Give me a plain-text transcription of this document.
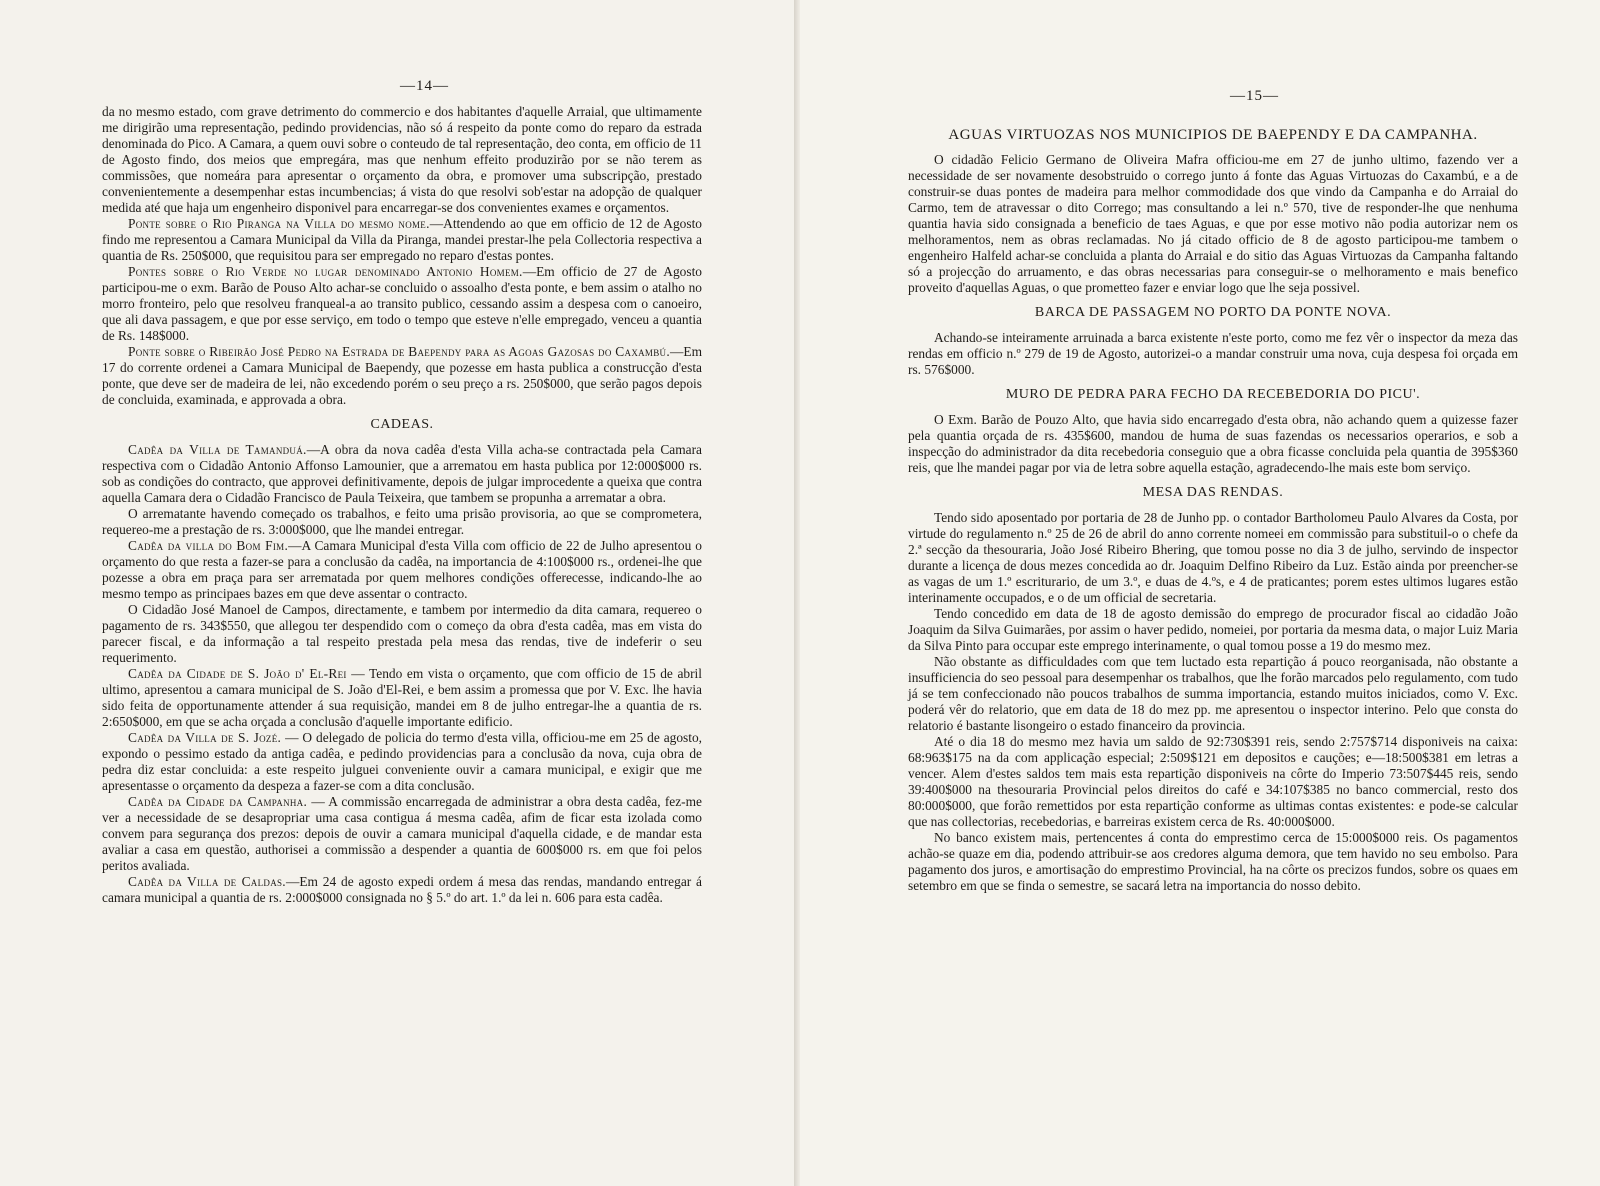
—14—

da no mesmo estado, com grave detrimento do commercio e dos habitantes d'aquelle Arraial, que ultimamente me dirigirão uma representação, pedindo providencias, não só á respeito da ponte como do reparo da estrada denominada do Pico. A Camara, a quem ouvi sobre o conteudo de tal representação, deo conta, em officio de 11 de Agosto findo, dos meios que empregára, mas que nenhum effeito produzirão por se não terem as commissões, que nomeára para apresentar o orçamento da obra, e promover uma subscripção, prestado convenientemente a desempenhar estas incumbencias; á vista do que resolvi sob'estar na adopção de qualquer medida até que haja um engenheiro disponivel para encarregar-se dos convenientes exames e orçamentos.

Ponte sobre o Rio Piranga na Villa do mesmo nome.—Attendendo ao que em officio de 12 de Agosto findo me representou a Camara Municipal da Villa da Piranga, mandei prestar-lhe pela Collectoria respectiva a quantia de Rs. 250$000, que requisitou para ser empregado no reparo d'estas pontes.

Pontes sobre o Rio Verde no lugar denominado Antonio Homem.—Em officio de 27 de Agosto participou-me o exm. Barão de Pouso Alto achar-se concluido o assoalho d'esta ponte, e bem assim o atalho no morro fronteiro, pelo que resolveu franqueal-a ao transito publico, cessando assim a despesa com o canoeiro, que ali dava passagem, e que por esse serviço, em todo o tempo que esteve n'elle empregado, venceu a quantia de Rs. 148$000.

Ponte sobre o Ribeirão José Pedro na Estrada de Baependy para as Agoas Gazosas do Caxambú.—Em 17 do corrente ordenei a Camara Municipal de Baependy, que pozesse em hasta publica a construcção d'esta ponte, que deve ser de madeira de lei, não excedendo porém o seu preço a rs. 250$000, que serão pagos depois de concluida, examinada, e approvada a obra.

CADEAS.

Cadêa da Villa de Tamanduá.—A obra da nova cadêa d'esta Villa acha-se contractada pela Camara respectiva com o Cidadão Antonio Affonso Lamounier, que a arrematou em hasta publica por 12:000$000 rs. sob as condições do contracto, que approvei definitivamente, depois de julgar improcedente a queixa que contra aquella Camara dera o Cidadão Francisco de Paula Teixeira, que tambem se propunha a arrematar a obra.

O arrematante havendo começado os trabalhos, e feito uma prisão provisoria, ao que se comprometera, requereo-me a prestação de rs. 3:000$000, que lhe mandei entregar.

Cadêa da villa do Bom Fim.—A Camara Municipal d'esta Villa com officio de 22 de Julho apresentou o orçamento do que resta a fazer-se para a conclusão da cadêa, na importancia de 4:100$000 rs., ordenei-lhe que pozesse a obra em praça para ser arrematada por quem melhores condições offerecesse, indicando-lhe ao mesmo tempo as principaes bazes em que deve assentar o contracto.

O Cidadão José Manoel de Campos, directamente, e tambem por intermedio da dita camara, requereo o pagamento de rs. 343$550, que allegou ter despendido com o começo da obra d'esta cadêa, mas em vista do parecer fiscal, e da informação a tal respeito prestada pela mesa das rendas, tive de indeferir o seu requerimento.

Cadêa da Cidade de S. João d' El-Rei — Tendo em vista o orçamento, que com officio de 15 de abril ultimo, apresentou a camara municipal de S. João d'El-Rei, e bem assim a promessa que por V. Exc. lhe havia sido feita de opportunamente attender á sua requisição, mandei em 8 de julho entregar-lhe a quantia de rs. 2:650$000, em que se acha orçada a conclusão d'aquelle importante edificio.

Cadêa da Villa de S. Jozé. — O delegado de policia do termo d'esta villa, officiou-me em 25 de agosto, expondo o pessimo estado da antiga cadêa, e pedindo providencias para a conclusão da nova, cuja obra de pedra diz estar concluida: a este respeito julguei conveniente ouvir a camara municipal, e exigir que me apresentasse o orçamento da despeza a fazer-se com a dita conclusão.

Cadêa da Cidade da Campanha. — A commissão encarregada de administrar a obra desta cadêa, fez-me ver a necessidade de se desapropriar uma casa contigua á mesma cadêa, afim de ficar esta izolada como convem para segurança dos prezos: depois de ouvir a camara municipal d'aquella cidade, e de mandar esta avaliar a casa em questão, authorisei a commissão a despender a quantia de 600$000 rs. em que foi pelos peritos avaliada.

Cadêa da Villa de Caldas.—Em 24 de agosto expedi ordem á mesa das rendas, mandando entregar á camara municipal a quantia de rs. 2:000$000 consignada no § 5.º do art. 1.º da lei n. 606 para esta cadêa.

—15—
AGUAS VIRTUOZAS NOS MUNICIPIOS DE BAEPENDY E DA CAMPANHA.

O cidadão Felicio Germano de Oliveira Mafra officiou-me em 27 de junho ultimo, fazendo ver a necessidade de ser novamente desobstruido o corrego junto á fonte das Aguas Virtuozas do Caxambú, e a de construir-se duas pontes de madeira para melhor commodidade dos que vindo da Campanha e do Arraial do Carmo, tem de atravessar o dito Corrego; mas consultando a lei n.º 570, tive de responder-lhe que nenhuma quantia havia sido consignada a beneficio de taes Aguas, e que por esse motivo não podia autorizar nem os melhoramentos, nem as obras reclamadas. No já citado officio de 8 de agosto participou-me tambem o engenheiro Halfeld achar-se concluida a planta do Arraial e do sitio das Aguas Virtuozas da Campanha faltando só a projecção do arruamento, e das obras necessarias para conseguir-se o melhoramento e mais benefico proveito d'aquellas Aguas, o que prometteo fazer e enviar logo que lhe seja possivel.

BARCA DE PASSAGEM NO PORTO DA PONTE NOVA.

Achando-se inteiramente arruinada a barca existente n'este porto, como me fez vêr o inspector da meza das rendas em officio n.º 279 de 19 de Agosto, autorizei-o a mandar construir uma nova, cuja despesa foi orçada em rs. 576$000.

MURO DE PEDRA PARA FECHO DA RECEBEDORIA DO PICU'.

O Exm. Barão de Pouzo Alto, que havia sido encarregado d'esta obra, não achando quem a quizesse fazer pela quantia orçada de rs. 435$600, mandou de huma de suas fazendas os necessarios operarios, e sob a inspecção do administrador da dita recebedoria conseguio que a obra ficasse concluida pela quantia de 395$360 reis, que lhe mandei pagar por via de letra sobre aquella estação, agradecendo-lhe mais este bom serviço.

MESA DAS RENDAS.

Tendo sido aposentado por portaria de 28 de Junho pp. o contador Bartholomeu Paulo Alvares da Costa, por virtude do regulamento n.º 25 de 26 de abril do anno corrente nomeei em commissão para substituil-o o chefe da 2.ª secção da thesouraria, João José Ribeiro Bhering, que tomou posse no dia 3 de julho, servindo de inspector durante a licença de dous mezes concedida ao dr. Joaquim Delfino Ribeiro da Luz. Estão ainda por preencher-se as vagas de um 1.º escriturario, de um 3.º, e duas de 4.ºs, e 4 de praticantes; porem estes ultimos lugares estão interinamente occupados, e o de um official de secretaria.

Tendo concedido em data de 18 de agosto demissão do emprego de procurador fiscal ao cidadão João Joaquim da Silva Guimarães, por assim o haver pedido, nomeiei, por portaria da mesma data, o major Luiz Maria da Silva Pinto para occupar este emprego interinamente, o qual tomou posse a 19 do mesmo mez.

Não obstante as difficuldades com que tem luctado esta repartição á pouco reorganisada, não obstante a insufficiencia do seo pessoal para desempenhar os trabalhos, que lhe forão marcados pelo regulamento, com tudo já se tem confeccionado não poucos trabalhos de summa importancia, estando muitos iniciados, como V. Exc. poderá vêr do relatorio, que em data de 18 do mez pp. me apresentou o inspector interino. Pelo que consta do relatorio é bastante lisongeiro o estado financeiro da provincia.

Até o dia 18 do mesmo mez havia um saldo de 92:730$391 reis, sendo 2:757$714 disponiveis na caixa: 68:963$175 na da com applicação especial; 2:509$121 em depositos e cauções; e—18:500$381 em letras a vencer. Alem d'estes saldos tem mais esta repartição disponiveis na côrte do Imperio 73:507$445 reis, sendo 39:400$000 na thesouraria Provincial pelos direitos do café e 34:107$385 no banco commercial, resto dos 80:000$000, que forão remettidos por esta repartição conforme as ultimas contas existentes: e pode-se calcular que nas collectorias, recebedorias, e barreiras existem cerca de Rs. 40:000$000.

No banco existem mais, pertencentes á conta do emprestimo cerca de 15:000$000 reis. Os pagamentos achão-se quaze em dia, podendo attribuir-se aos credores alguma demora, que tem havido no seu embolso. Para pagamento dos juros, e amortisação do emprestimo Provincial, ha na côrte os precizos fundos, sobre os quaes em setembro em que se finda o semestre, se sacará letra na importancia do nosso debito.
